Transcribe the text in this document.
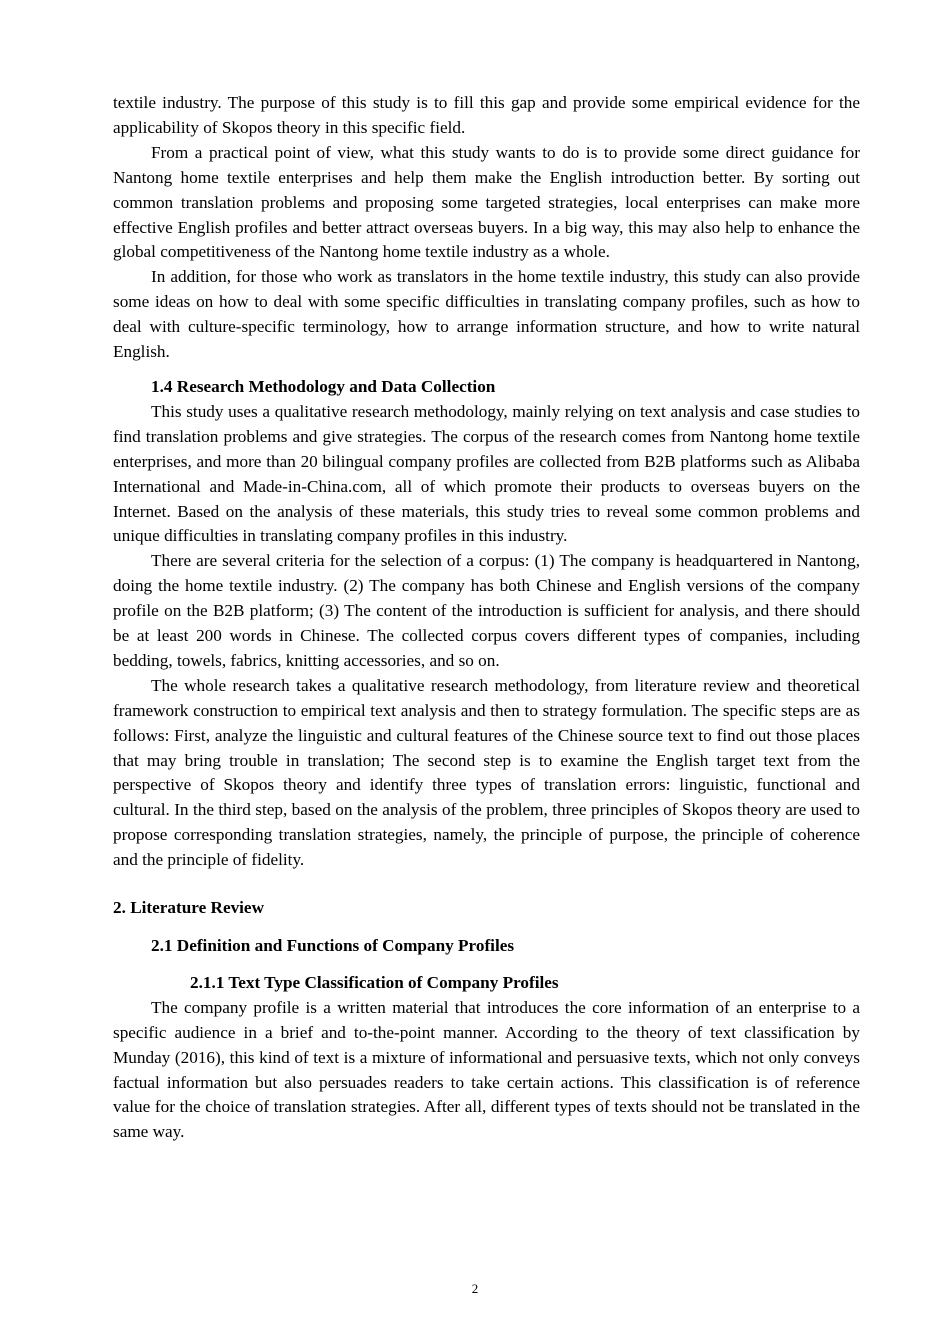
textile industry. The purpose of this study is to fill this gap and provide some empirical evidence for the applicability of Skopos theory in this specific field.

From a practical point of view, what this study wants to do is to provide some direct guidance for Nantong home textile enterprises and help them make the English introduction better. By sorting out common translation problems and proposing some targeted strategies, local enterprises can make more effective English profiles and better attract overseas buyers. In a big way, this may also help to enhance the global competitiveness of the Nantong home textile industry as a whole.

In addition, for those who work as translators in the home textile industry, this study can also provide some ideas on how to deal with some specific difficulties in translating company profiles, such as how to deal with culture-specific terminology, how to arrange information structure, and how to write natural English.

1.4 Research Methodology and Data Collection

This study uses a qualitative research methodology, mainly relying on text analysis and case studies to find translation problems and give strategies. The corpus of the research comes from Nantong home textile enterprises, and more than 20 bilingual company profiles are collected from B2B platforms such as Alibaba International and Made-in-China.com, all of which promote their products to overseas buyers on the Internet. Based on the analysis of these materials, this study tries to reveal some common problems and unique difficulties in translating company profiles in this industry.

There are several criteria for the selection of a corpus: (1) The company is headquartered in Nantong, doing the home textile industry. (2) The company has both Chinese and English versions of the company profile on the B2B platform; (3) The content of the introduction is sufficient for analysis, and there should be at least 200 words in Chinese. The collected corpus covers different types of companies, including bedding, towels, fabrics, knitting accessories, and so on.

The whole research takes a qualitative research methodology, from literature review and theoretical framework construction to empirical text analysis and then to strategy formulation. The specific steps are as follows: First, analyze the linguistic and cultural features of the Chinese source text to find out those places that may bring trouble in translation; The second step is to examine the English target text from the perspective of Skopos theory and identify three types of translation errors: linguistic, functional and cultural. In the third step, based on the analysis of the problem, three principles of Skopos theory are used to propose corresponding translation strategies, namely, the principle of purpose, the principle of coherence and the principle of fidelity.

2. Literature Review

2.1 Definition and Functions of Company Profiles

2.1.1 Text Type Classification of Company Profiles

The company profile is a written material that introduces the core information of an enterprise to a specific audience in a brief and to-the-point manner. According to the theory of text classification by Munday (2016), this kind of text is a mixture of informational and persuasive texts, which not only conveys factual information but also persuades readers to take certain actions. This classification is of reference value for the choice of translation strategies. After all, different types of texts should not be translated in the same way.

2
